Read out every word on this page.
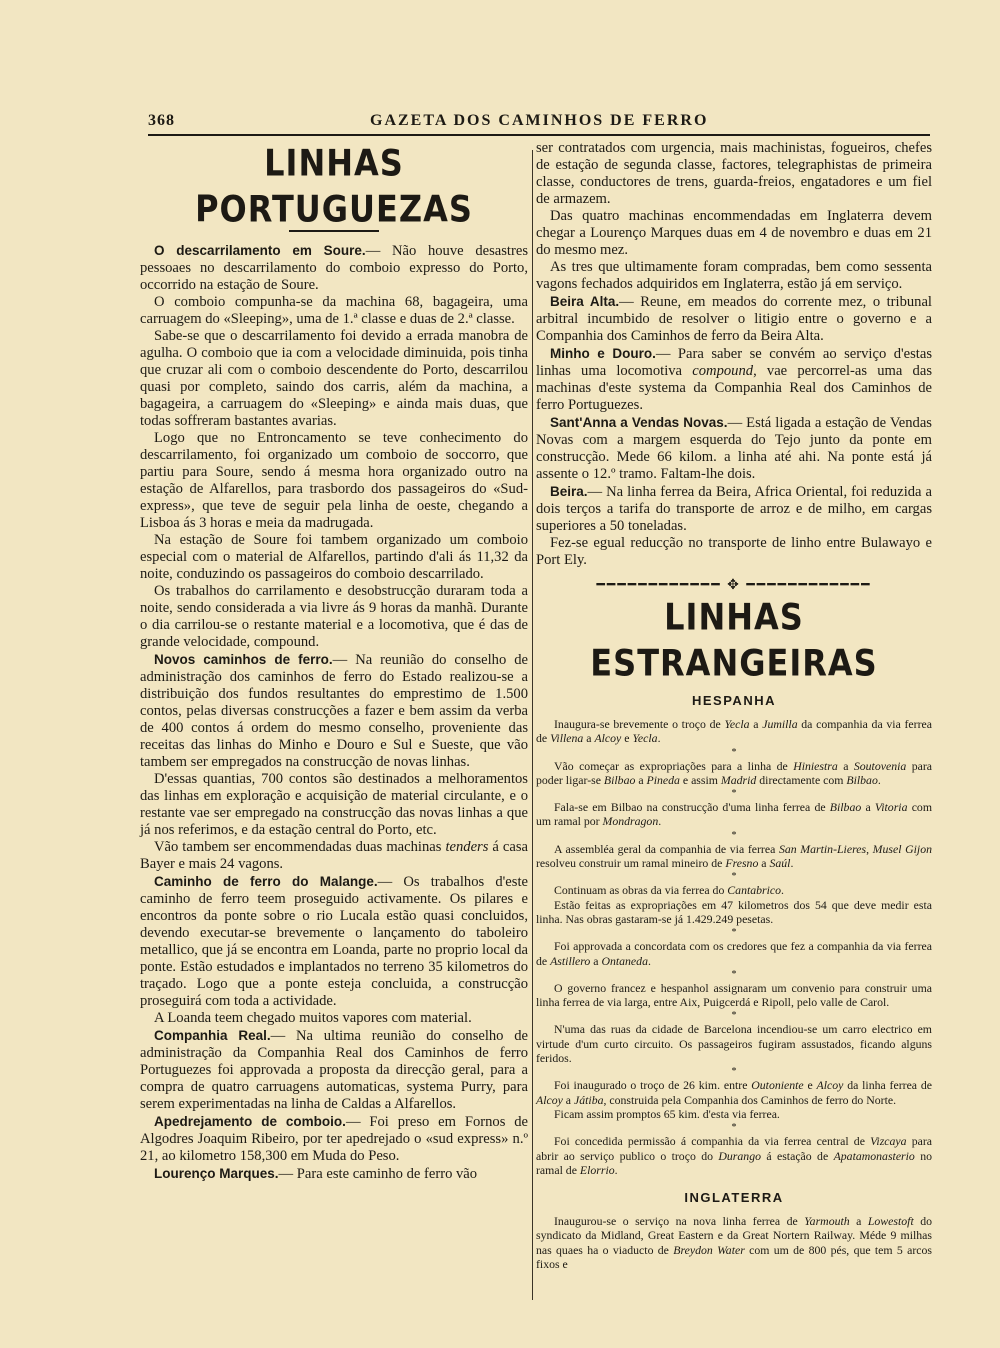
368	GAZETA DOS CAMINHOS DE FERRO
LINHAS PORTUGUEZAS

O descarrilamento em Soure.— Não houve desastres pessoaes no descarrilamento do comboio expresso do Porto, occorrido na estação de Soure.

O comboio compunha-se da machina 68, bagageira, uma carruagem do «Sleeping», uma de 1.ª classe e duas de 2.ª classe.

Sabe-se que o descarrilamento foi devido a errada manobra de agulha. O comboio que ia com a velocidade diminuida, pois tinha que cruzar ali com o comboio descendente do Porto, descarrilou quasi por completo, saindo dos carris, além da machina, a bagageira, a carruagem do «Sleeping» e ainda mais duas, que todas soffreram bastantes avarias.

Logo que no Entroncamento se teve conhecimento do descarrilamento, foi organizado um comboio de soccorro, que partiu para Soure, sendo á mesma hora organizado outro na estação de Alfarellos, para trasbordo dos passageiros do «Sud-express», que teve de seguir pela linha de oeste, chegando a Lisboa ás 3 horas e meia da madrugada.

Na estação de Soure foi tambem organizado um comboio especial com o material de Alfarellos, partindo d'ali ás 11,32 da noite, conduzindo os passageiros do comboio descarrilado.

Os trabalhos do carrilamento e desobstrucção duraram toda a noite, sendo considerada a via livre ás 9 horas da manhã. Durante o dia carrilou-se o restante material e a locomotiva, que é das de grande velocidade, compound.

Novos caminhos de ferro.— Na reunião do conselho de administração dos caminhos de ferro do Estado realizou-se a distribuição dos fundos resultantes do emprestimo de 1.500 contos, pelas diversas construcções a fazer e bem assim da verba de 400 contos á ordem do mesmo conselho, proveniente das receitas das linhas do Minho e Douro e Sul e Sueste, que vão tambem ser empregados na construcção de novas linhas.

D'essas quantias, 700 contos são destinados a melhoramentos das linhas em exploração e acquisição de material circulante, e o restante vae ser empregado na construcção das novas linhas a que já nos referimos, e da estação central do Porto, etc.

Vão tambem ser encommendadas duas machinas tenders á casa Bayer e mais 24 vagons.

Caminho de ferro do Malange.— Os trabalhos d'este caminho de ferro teem proseguido activamente. Os pilares e encontros da ponte sobre o rio Lucala estão quasi concluidos, devendo executar-se brevemente o lançamento do taboleiro metallico, que já se encontra em Loanda, parte no proprio local da ponte. Estão estudados e implantados no terreno 35 kilometros do traçado. Logo que a ponte esteja concluida, a construcção proseguirá com toda a actividade.

A Loanda teem chegado muitos vapores com material.

Companhia Real.— Na ultima reunião do conselho de administração da Companhia Real dos Caminhos de ferro Portuguezes foi approvada a proposta da direcção geral, para a compra de quatro carruagens automaticas, systema Purry, para serem experimentadas na linha de Caldas a Alfarellos.

Apedrejamento de comboio.— Foi preso em Fornos de Algodres Joaquim Ribeiro, por ter apedrejado o «sud express» n.º 21, ao kilometro 158,300 em Muda do Peso.

Lourenço Marques.— Para este caminho de ferro vão

ser contratados com urgencia, mais machinistas, fogueiros, chefes de estação de segunda classe, factores, telegraphistas de primeira classe, conductores de trens, guarda-freios, engatadores e um fiel de armazem.

Das quatro machinas encommendadas em Inglaterra devem chegar a Lourenço Marques duas em 4 de novembro e duas em 21 do mesmo mez.

As tres que ultimamente foram compradas, bem como sessenta vagons fechados adquiridos em Inglaterra, estão já em serviço.

Beira Alta.— Reune, em meados do corrente mez, o tribunal arbitral incumbido de resolver o litigio entre o governo e a Companhia dos Caminhos de ferro da Beira Alta.

Minho e Douro.— Para saber se convém ao serviço d'estas linhas uma locomotiva compound, vae percorrel-as uma das machinas d'este systema da Companhia Real dos Caminhos de ferro Portuguezes.

Sant'Anna a Vendas Novas.— Está ligada a estação de Vendas Novas com a margem esquerda do Tejo junto da ponte em construcção. Mede 66 kilom. a linha até ahi. Na ponte está já assente o 12.º tramo. Faltam-lhe dois.

Beira.— Na linha ferrea da Beira, Africa Oriental, foi reduzida a dois terços a tarifa do transporte de arroz e de milho, em cargas superiores a 50 toneladas.

Fez-se egual reducção no transporte de linho entre Bulawayo e Port Ely.

━━━━━━━━━━━━ ✥ ━━━━━━━━━━━━
LINHAS ESTRANGEIRAS
HESPANHA

Inaugura-se brevemente o troço de Yecla a Jumilla da companhia da via ferrea de Villena a Alcoy e Yecla.

*

Vão começar as expropriações para a linha de Hiniestra a Soutovenia para poder ligar-se Bilbao a Pineda e assim Madrid directamente com Bilbao.

*

Fala-se em Bilbao na construcção d'uma linha ferrea de Bilbao a Vitoria com um ramal por Mondragon.

*

A assembléa geral da companhia de via ferrea San Martin-Lieres, Musel Gijon resolveu construir um ramal mineiro de Fresno a Saúl.

*

Continuam as obras da via ferrea do Cantabrico.

Estão feitas as expropriações em 47 kilometros dos 54 que deve medir esta linha. Nas obras gastaram-se já 1.429.249 pesetas.

*

Foi approvada a concordata com os credores que fez a companhia da via ferrea de Astillero a Ontaneda.

*

O governo francez e hespanhol assignaram um convenio para construir uma linha ferrea de via larga, entre Aix, Puigcerdá e Ripoll, pelo valle de Carol.

*

N'uma das ruas da cidade de Barcelona incendiou-se um carro electrico em virtude d'um curto circuito. Os passageiros fugiram assustados, ficando alguns feridos.

*

Foi inaugurado o troço de 26 kim. entre Outoniente e Alcoy da linha ferrea de Alcoy a Játiba, construida pela Companhia dos Caminhos de ferro do Norte.

Ficam assim promptos 65 kim. d'esta via ferrea.

*

Foi concedida permissão á companhia da via ferrea central de Vizcaya para abrir ao serviço publico o troço do Durango á estação de Apatamonasterio no ramal de Elorrio.

INGLATERRA

Inaugurou-se o serviço na nova linha ferrea de Yarmouth a Lowestoft do syndicato da Midland, Great Eastern e da Great Nortern Railway. Méde 9 milhas nas quaes ha o viaducto de Breydon Water com um de 800 pés, que tem 5 arcos fixos e
